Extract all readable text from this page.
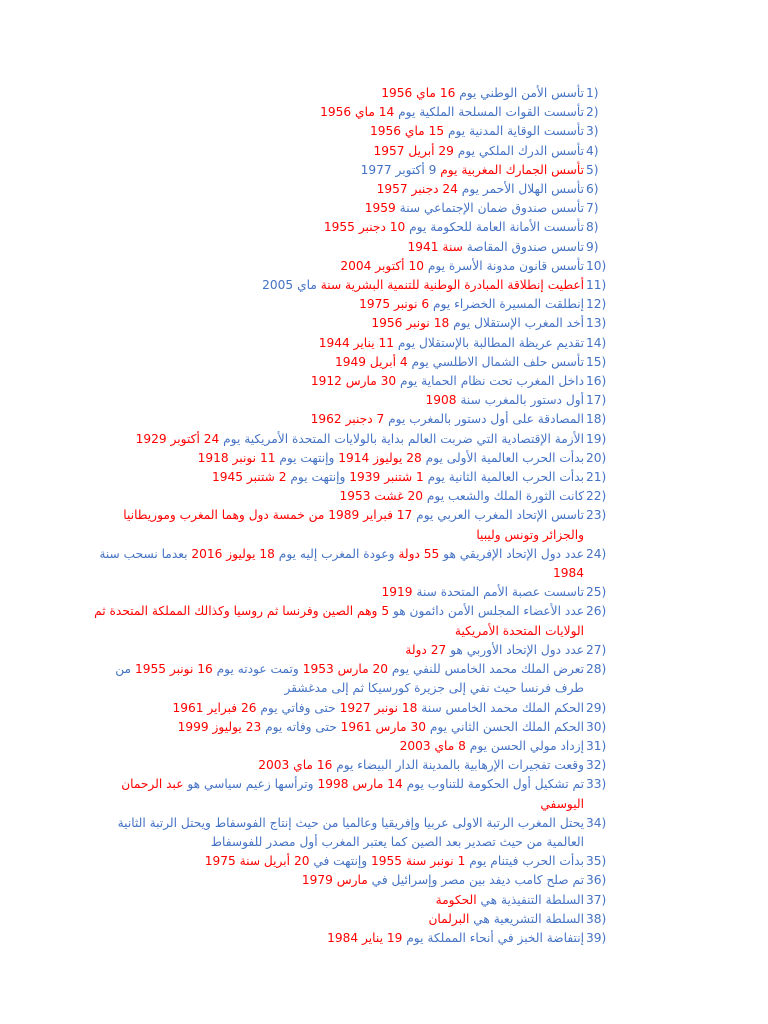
1)
تأسس الأمن الوطني يوم 16 ماي 1956
2)
تأسست القوات المسلحة الملكية يوم 14 ماي 1956
3)
تأسست الوقاية المدنية يوم 15 ماي 1956
4)
تأسس الدرك الملكي يوم 29 أبريل 1957
5)
تأسس الجمارك المغربية يوم 9 أكتوبر 1977
6)
تأسس الهلال الأحمر يوم 24 دجنبر 1957
7)
تأسس صندوق ضمان الإجتماعي سنة 1959
8)
تأسست الأمانة العامة للحكومة يوم 10 دجنبر 1955
9)
تاسس صندوق المقاصة سنة 1941
10)
تأسس قانون مدونة الأسرة يوم 10 أكتوبر 2004
11)
أعطيت إنطلاقة المبادرة الوطنية للتنمية البشرية سنة ماي 2005
12)
إنطلقت المسيرة الخضراء يوم 6 نونبر 1975
13)
أخد المغرب الإستقلال يوم 18 نونبر 1956
14)
تقديم عريظة المطالبة بالإستقلال يوم 11 يناير 1944
15)
تأسس حلف الشمال الاطلسي يوم 4 أبريل 1949
16)
داخل المغرب تحت نظام الحماية يوم 30 مارس 1912
17)
أول دستور بالمغرب سنة 1908
18)
المصادقة على أول دستور بالمغرب يوم 7 دجنبر 1962
19)
الأزمة الإقتصادية التي ضربت العالم بداية بالولايات المتحدة الأمريكية يوم 24 أكتوبر 1929
20)
بدأت الحرب العالمية الأولى يوم 28 يوليوز 1914 وإنتهت يوم 11 نونبر 1918
21)
بدأت الحرب العالمية الثانية يوم 1 شتنبر 1939 وإنتهت يوم 2 شتنبر 1945
22)
كانت الثورة الملك والشعب يوم 20 غشت 1953
23)
تاسس الإتحاد المغرب العربي يوم 17 فبراير 1989 من خمسة دول وهما المغرب وموريطانيا والجزائر وتونس وليبيا
24)
عدد دول الإتحاد الإفريقي هو 55 دولة وعودة المغرب إليه يوم 18 يوليوز 2016 بعدما نسحب سنة 1984
25)
تاسست عصبة الأمم المتحدة سنة 1919
26)
عدد الأعضاء المجلس الأمن دائمون هو 5 وهم الصين وفرنسا ثم روسيا وكذالك المملكة المتحدة ثم الولايات المتحدة الأمريكية
27)
عدد دول الإتحاد الأوربي هو 27 دولة
28)
تعرض الملك محمد الخامس للنفي يوم 20 مارس 1953 وتمت عودته يوم 16 نونبر 1955 من طرف فرنسا حيث نفي إلى جزيرة كورسيكا ثم إلى مدغشقر
29)
الحكم الملك محمد الخامس سنة 18 نونبر 1927 حتى وفاتي يوم 26 فبراير 1961
30)
الحكم الملك الحسن الثاني يوم 30 مارس 1961 حتى وفاته يوم 23 يوليوز 1999
31)
إزداد مولي الحسن يوم 8 ماي 2003
32)
وقعت تفجيرات الإرهابية بالمدينة الدار البيضاء يوم 16 ماي 2003
33)
تم تشكيل أول الحكومة للتناوب يوم 14 مارس 1998 وترأسها زعيم سياسي هو عبد الرحمان اليوسفي
34)
يحتل المغرب الرتبة الاولى عربيا وإفريقيا وعالميا من حيث إنتاج الفوسفاط ويحتل الرتبة الثانية العالمية من حيث تصدير بعد الصين كما يعتبر المغرب أول مصدر للفوسفاط
35)
بدأت الحرب فيتنام يوم 1 نونبر سنة 1955 وإنتهت في 20 أبريل سنة 1975
36)
تم صلح كامب ديفد بين مصر وإسرائيل في مارس 1979
37)
السلطة التنفيذية هي الحكومة
38)
السلطة التشريعية هي البرلمان
39)
إنتفاضة الخبز في أنحاء المملكة يوم 19 يناير 1984
